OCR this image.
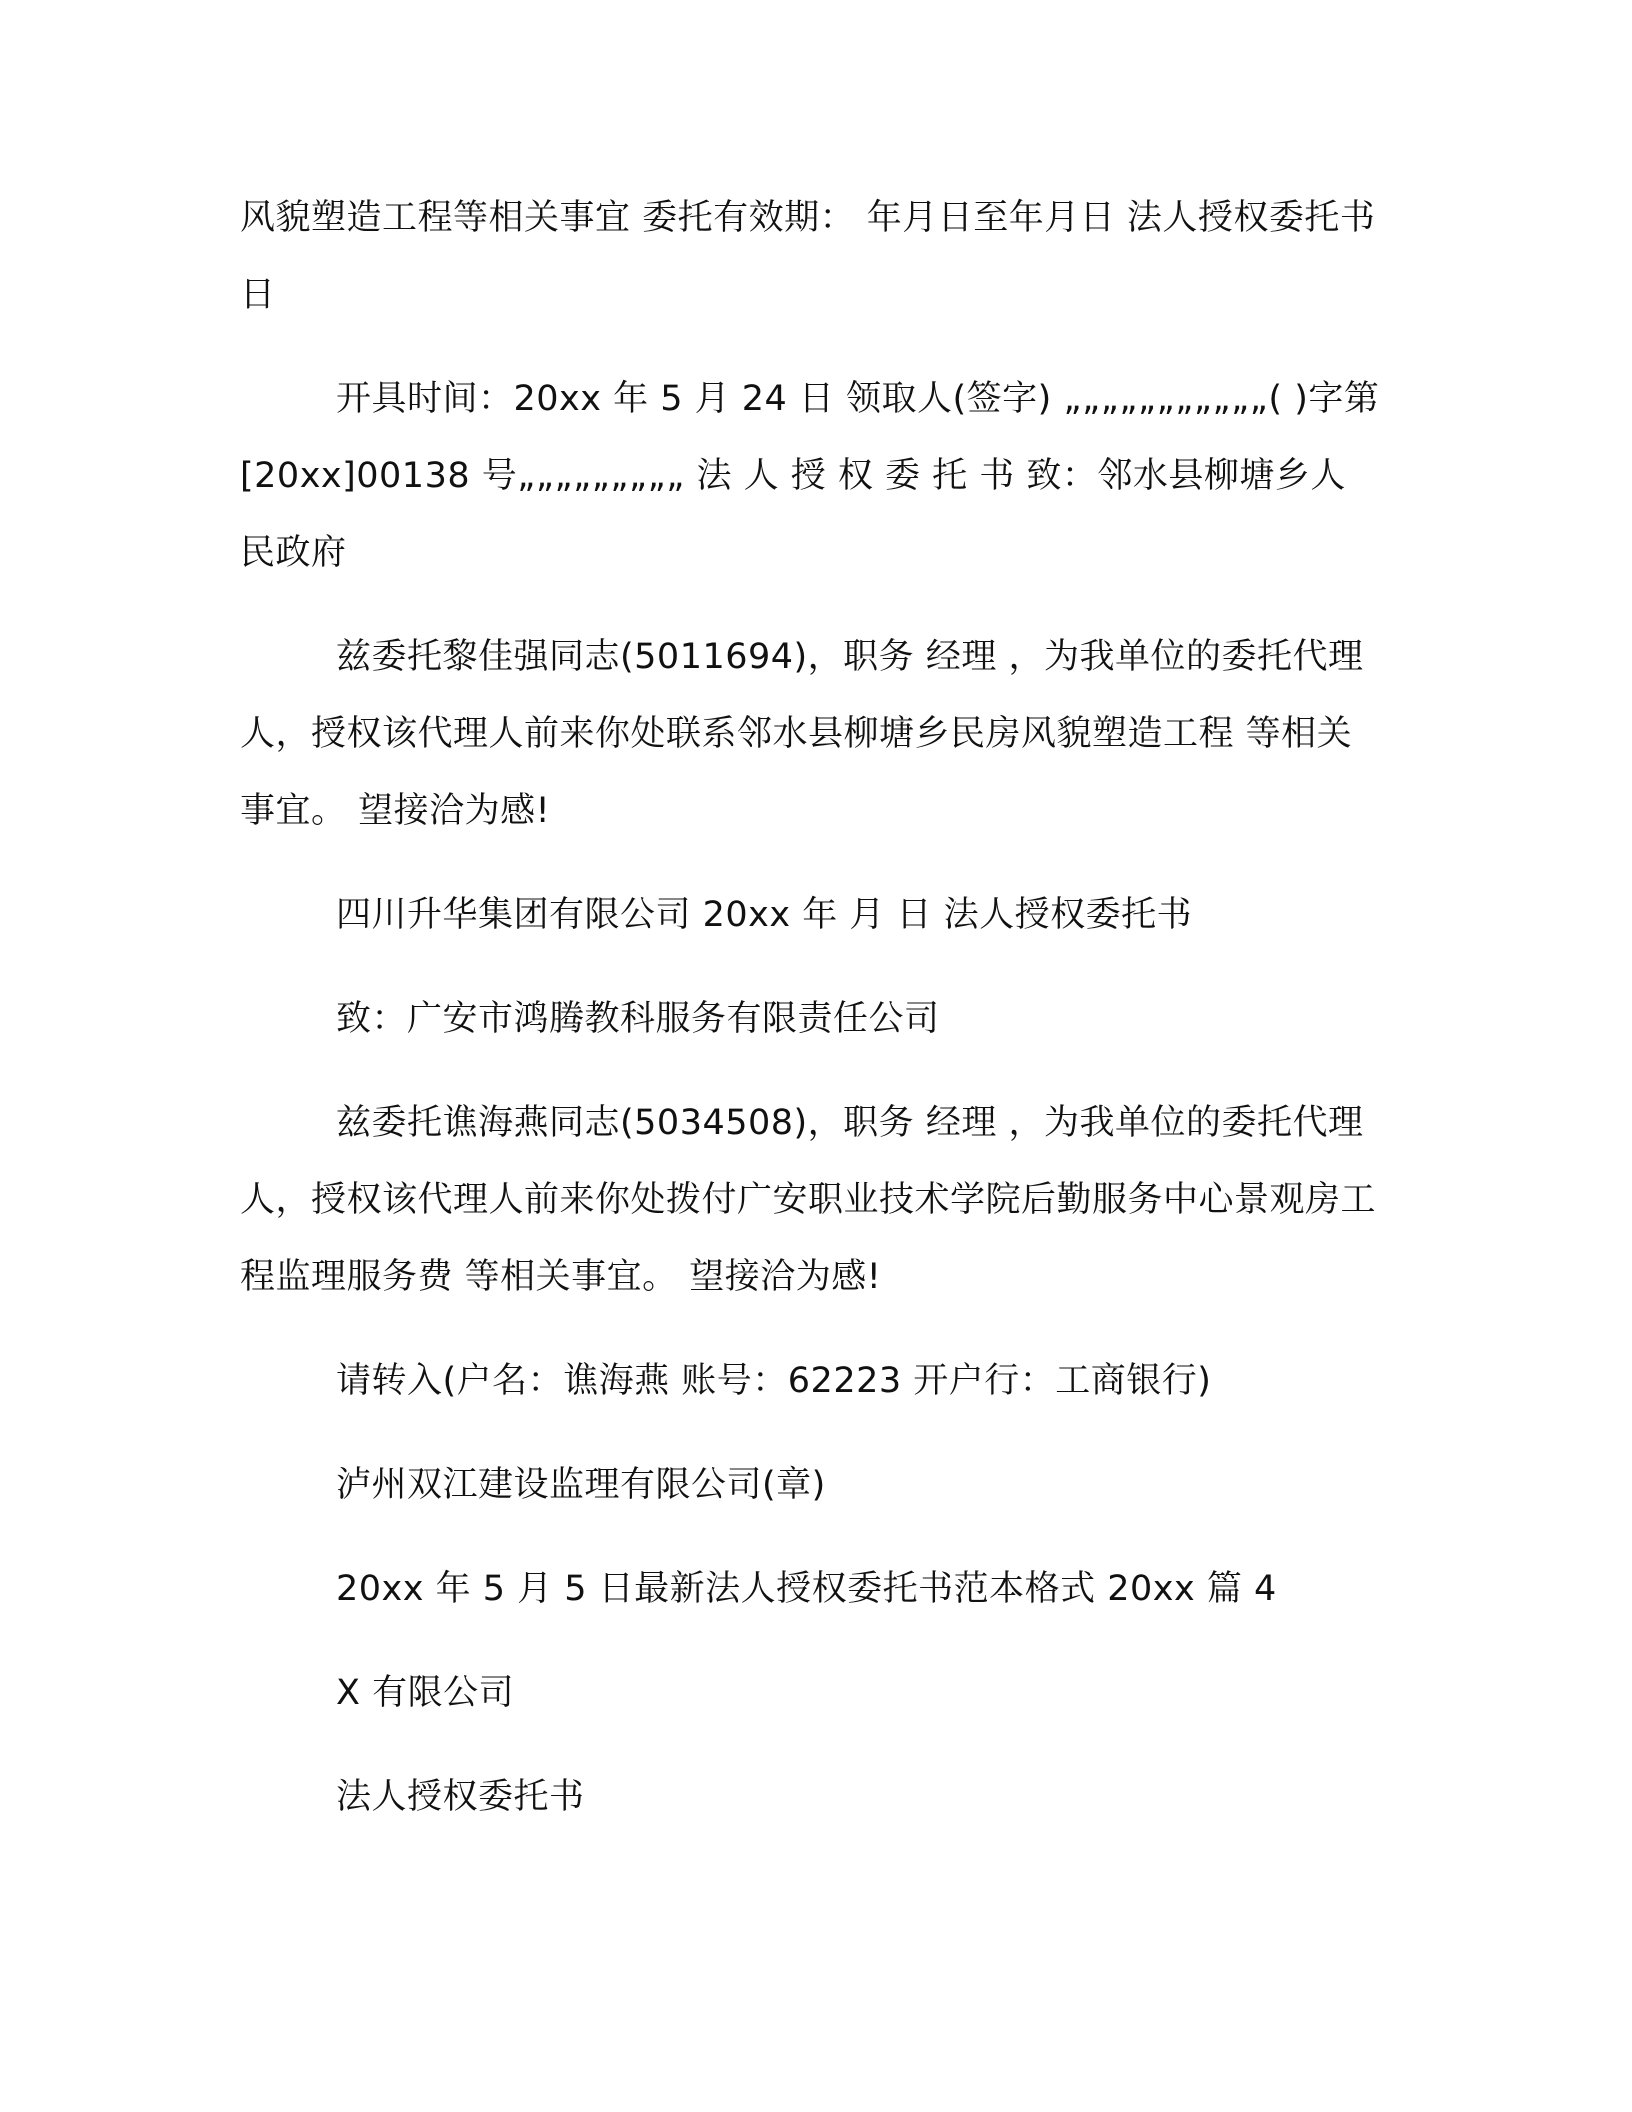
风貌塑造工程等相关事宜 委托有效期： 年月日至年月日 法人授权委托书日

开具时间：20xx 年 5 月 24 日 领取人(签字) „„„„„„„„„„„( )字第[20xx]00138 号„„„„„„„„„ 法 人 授 权 委 托 书 致：邻水县柳塘乡人民政府

兹委托黎佳强同志(5011694)，职务 经理 ，为我单位的委托代理人，授权该代理人前来你处联系邻水县柳塘乡民房风貌塑造工程 等相关事宜。 望接洽为感!

四川升华集团有限公司 20xx 年 月 日 法人授权委托书

致：广安市鸿腾教科服务有限责任公司

兹委托谯海燕同志(5034508)，职务 经理 ，为我单位的委托代理人，授权该代理人前来你处拨付广安职业技术学院后勤服务中心景观房工程监理服务费 等相关事宜。 望接洽为感!

请转入(户名：谯海燕 账号：62223 开户行：工商银行)

泸州双江建设监理有限公司(章)

20xx 年 5 月 5 日最新法人授权委托书范本格式 20xx 篇 4

X 有限公司

法人授权委托书
